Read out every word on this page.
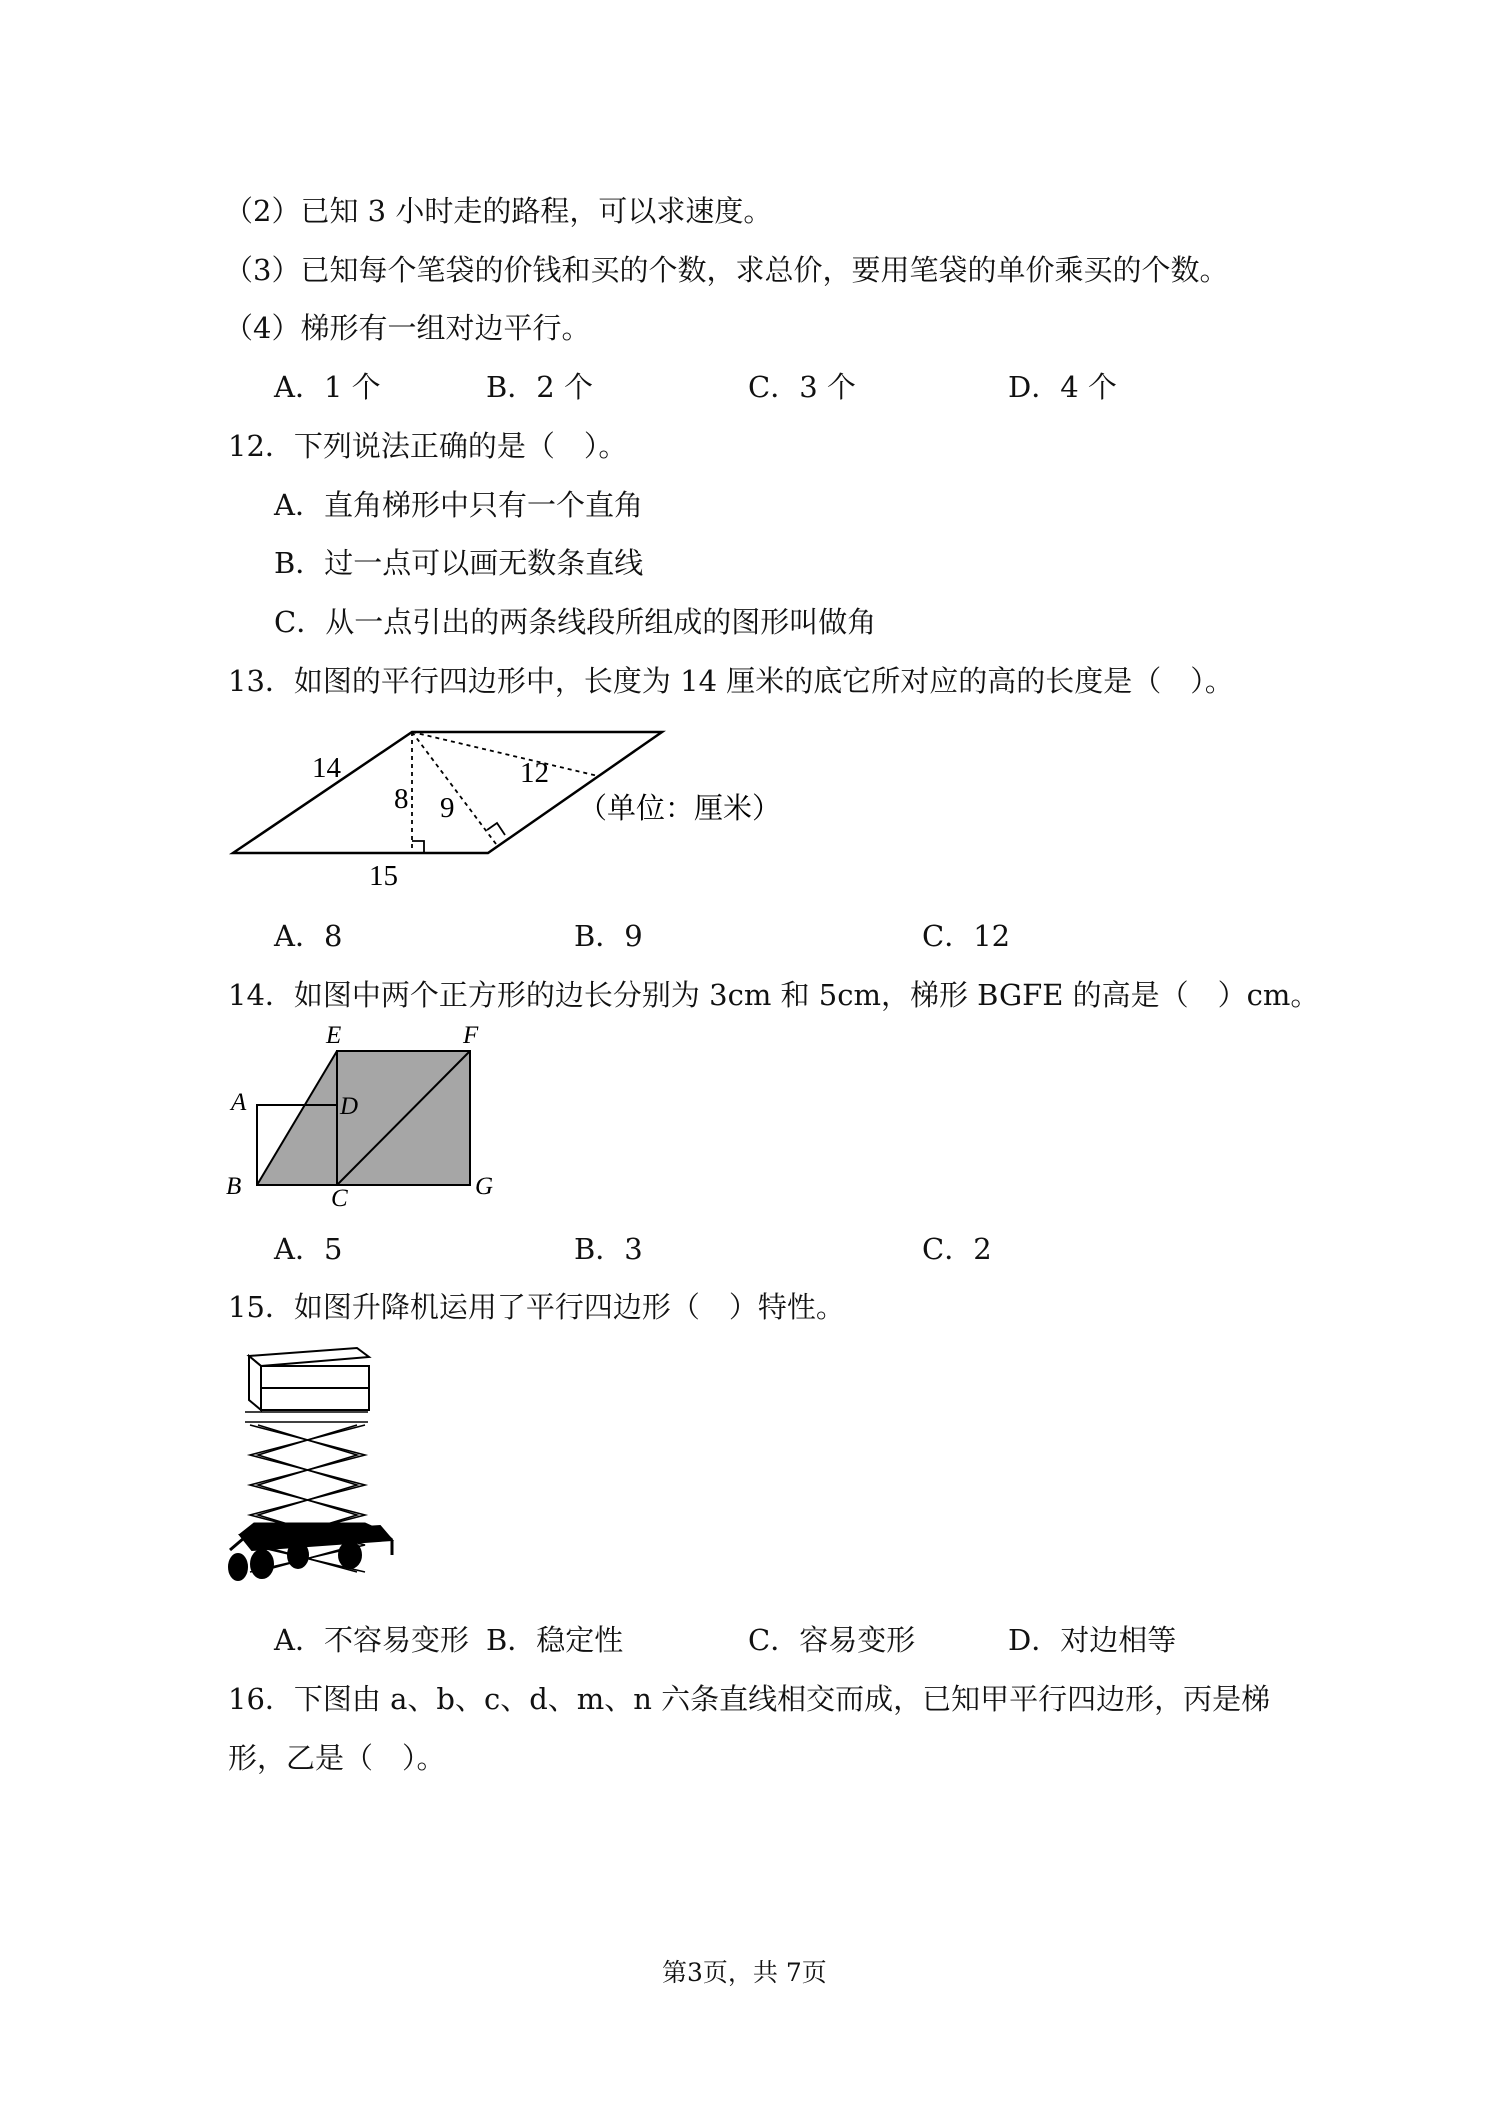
（2）已知 3 小时走的路程，可以求速度。
（3）已知每个笔袋的价钱和买的个数，求总价，要用笔袋的单价乘买的个数。
（4）梯形有一组对边平行。
A．1 个	B．2 个	C．3 个	D．4 个
12．下列说法正确的是（　）。
A．直角梯形中只有一个直角
B．过一点可以画无数条直线
C．从一点引出的两条线段所组成的图形叫做角
13．如图的平行四边形中，长度为 14 厘米的底它所对应的高的长度是（　）。
14
8 9
12
15
（单位：厘米）
A．8	B．9	C．12
14．如图中两个正方形的边长分别为 3cm 和 5cm，梯形 BGFE 的高是（　）cm。
E	F
A	D
B	C	G
A．5	B．3	C．2
15．如图升降机运用了平行四边形（　）特性。
A．不容易变形 B．稳定性	C．容易变形	D．对边相等
16．下图由 a、b、c、d、m、n 六条直线相交而成，已知甲平行四边形，丙是梯
形，乙是（　）。
第3页，共 7页
